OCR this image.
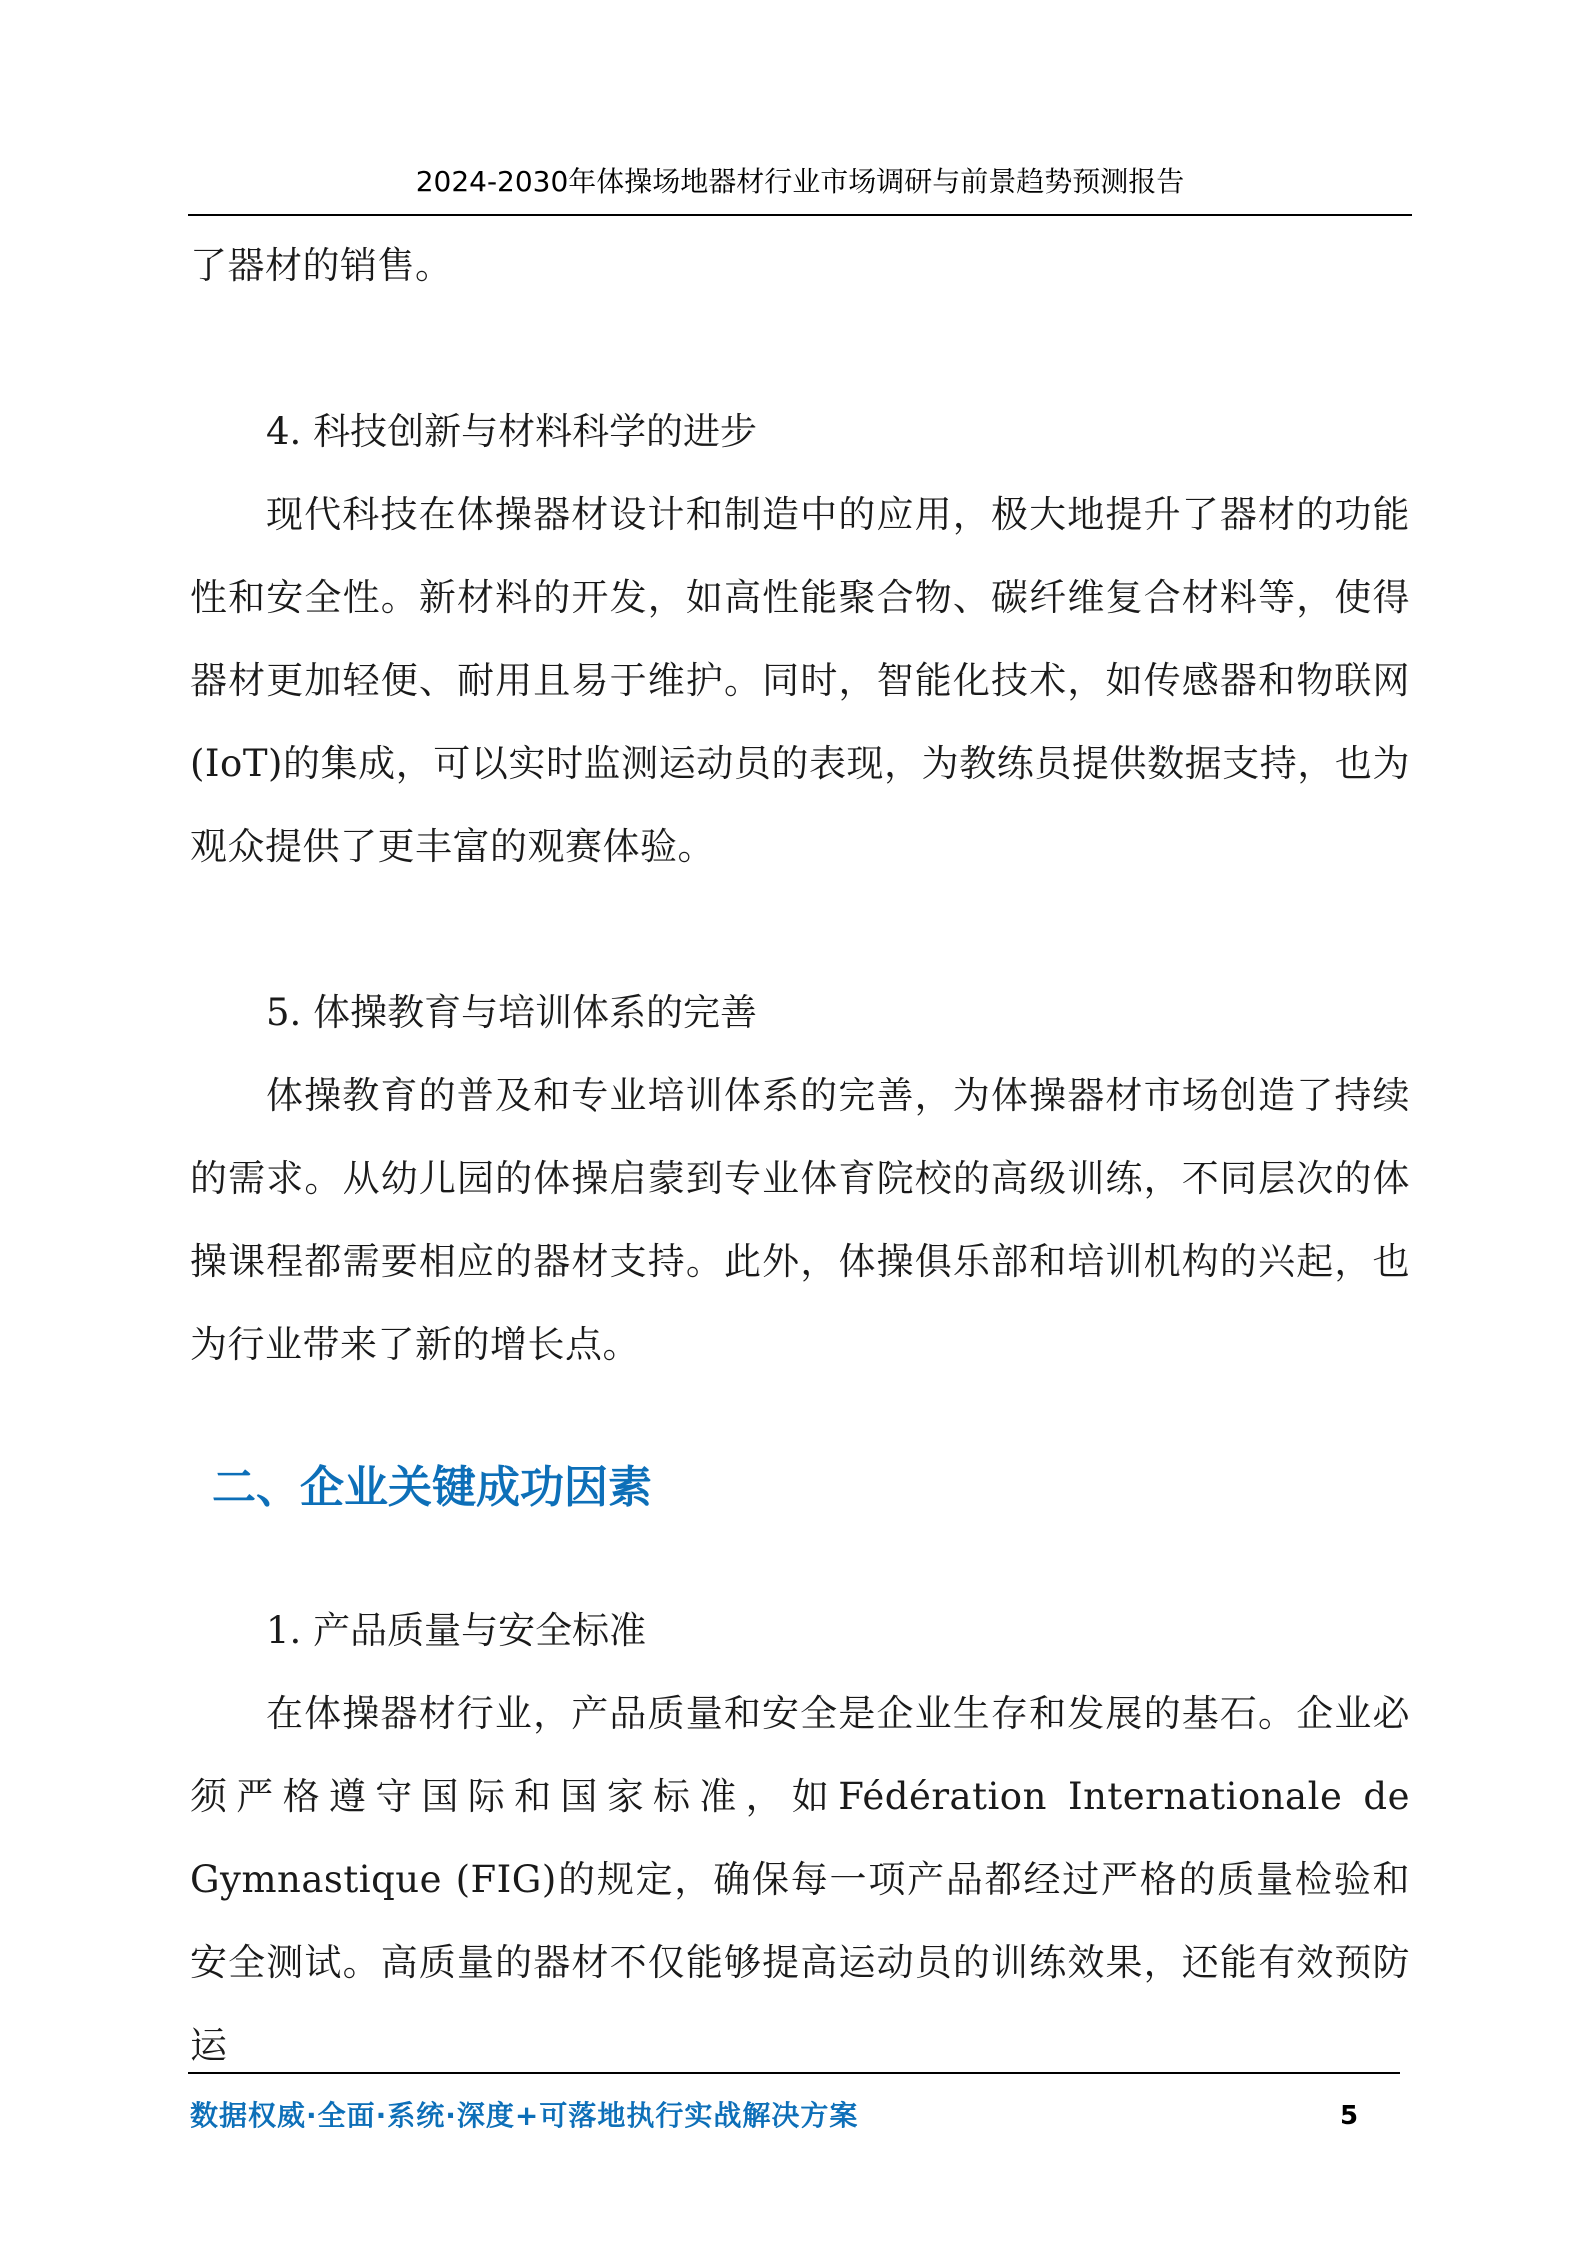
2024-2030年体操场地器材行业市场调研与前景趋势预测报告

了器材的销售。

4. 科技创新与材料科学的进步

现代科技在体操器材设计和制造中的应用，极大地提升了器材的功能性和安全性。新材料的开发，如高性能聚合物、碳纤维复合材料等，使得器材更加轻便、耐用且易于维护。同时，智能化技术，如传感器和物联网(IoT)的集成，可以实时监测运动员的表现，为教练员提供数据支持，也为观众提供了更丰富的观赛体验。

5. 体操教育与培训体系的完善

体操教育的普及和专业培训体系的完善，为体操器材市场创造了持续的需求。从幼儿园的体操启蒙到专业体育院校的高级训练，不同层次的体操课程都需要相应的器材支持。此外，体操俱乐部和培训机构的兴起，也为行业带来了新的增长点。

二、企业关键成功因素

1. 产品质量与安全标准

在体操器材行业，产品质量和安全是企业生存和发展的基石。企业必须严格遵守国际和国家标准，如Fédération Internationale de Gymnastique (FIG)的规定，确保每一项产品都经过严格的质量检验和安全测试。高质量的器材不仅能够提高运动员的训练效果，还能有效预防运

数据权威·全面·系统·深度+可落地执行实战解决方案	5
